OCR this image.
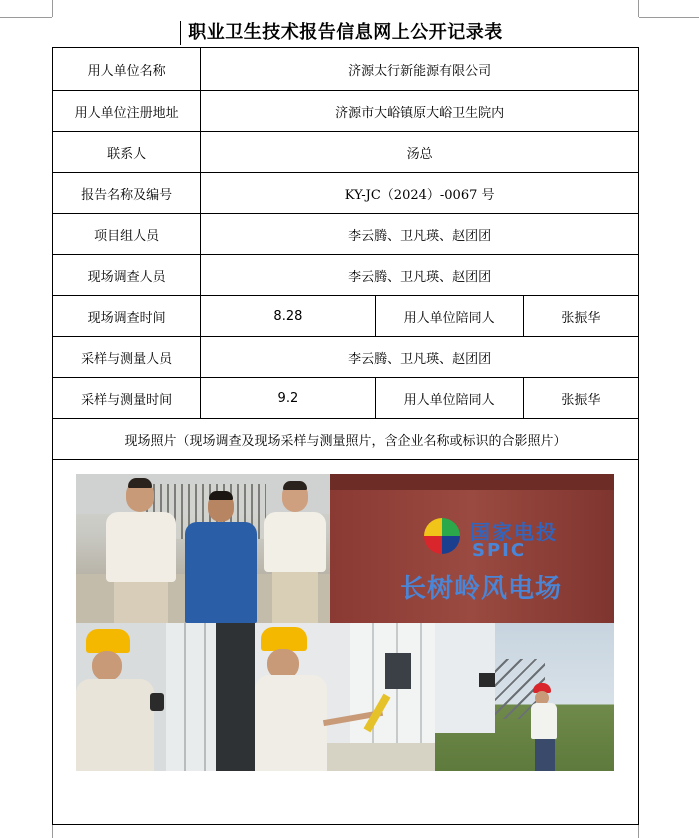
职业卫生技术报告信息网上公开记录表
用人单位名称	济源太行新能源有限公司		
用人单位注册地址	济源市大峪镇原大峪卫生院内		
联系人	汤总		
报告名称及编号	KY-JC（2024）-0067 号		
项目组人员	李云腾、卫凡瑛、赵团团		
现场调查人员	李云腾、卫凡瑛、赵团团		
现场调查时间	8.28	用人单位陪同人	张振华
采样与测量人员	李云腾、卫凡瑛、赵团团		
采样与测量时间	9.2	用人单位陪同人	张振华
现场照片（现场调查及现场采样与测量照片，含企业名称或标识的合影照片）			
国家电投
SPIC
长树岭风电场
